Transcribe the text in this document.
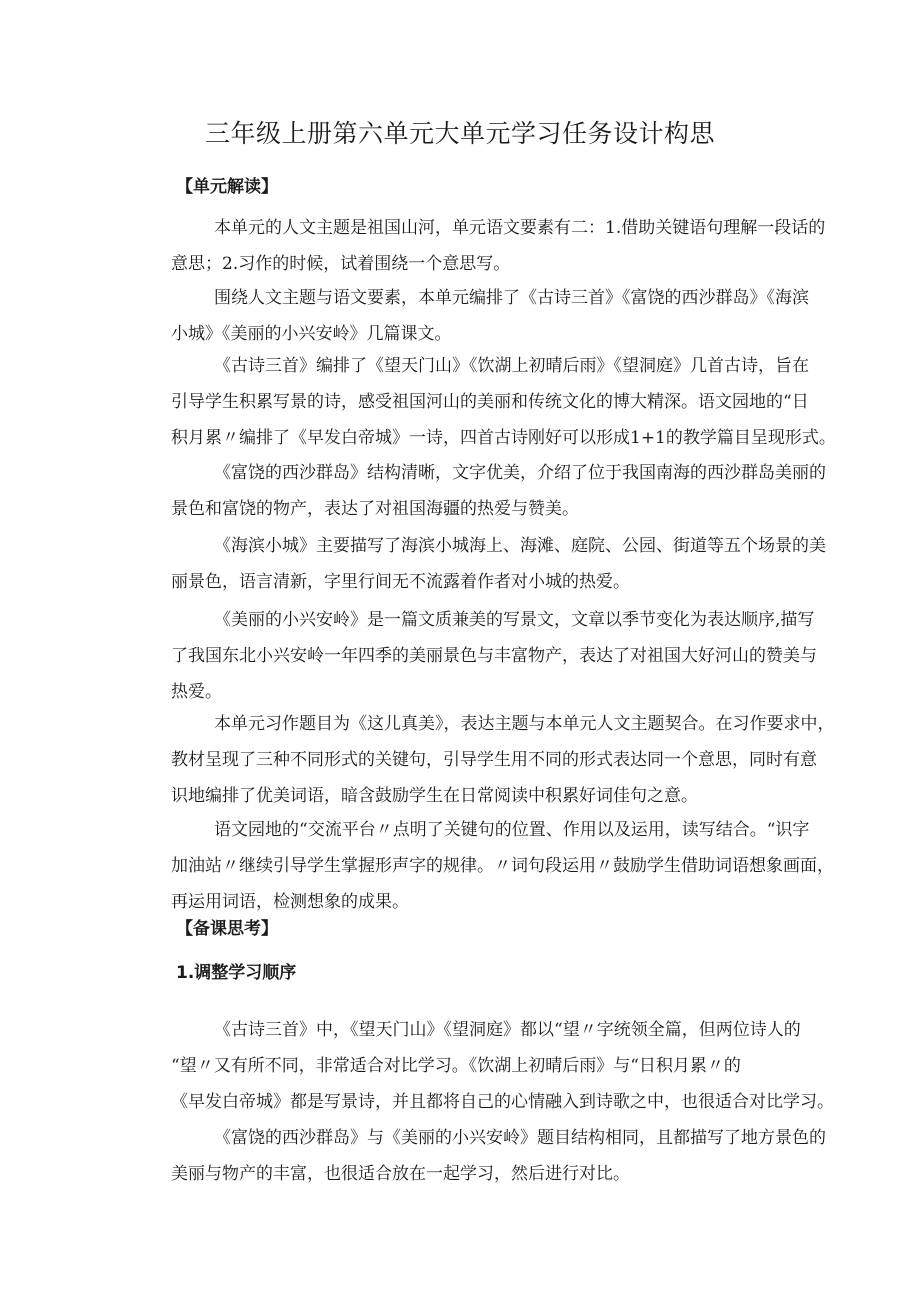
三年级上册第六单元大单元学习任务设计构思
【单元解读】
本单元的人文主题是祖国山河，单元语文要素有二：1.借助关键语句理解一段话的
意思；2.习作的时候，试着围绕一个意思写。
围绕人文主题与语文要素，本单元编排了《古诗三首》《富饶的西沙群岛》《海滨
小城》《美丽的小兴安岭》几篇课文。
《古诗三首》编排了《望天门山》《饮湖上初晴后雨》《望洞庭》几首古诗，旨在
引导学生积累写景的诗，感受祖国河山的美丽和传统文化的博大精深。语文园地的“日
积月累〃编排了《早发白帝城》一诗，四首古诗刚好可以形成1+1的教学篇目呈现形式。
《富饶的西沙群岛》结构清晰，文字优美，介绍了位于我国南海的西沙群岛美丽的
景色和富饶的物产，表达了对祖国海疆的热爱与赞美。
《海滨小城》主要描写了海滨小城海上、海滩、庭院、公园、街道等五个场景的美
丽景色，语言清新，字里行间无不流露着作者对小城的热爱。
《美丽的小兴安岭》是一篇文质兼美的写景文，文章以季节变化为表达顺序,描写
了我国东北小兴安岭一年四季的美丽景色与丰富物产，表达了对祖国大好河山的赞美与
热爱。
本单元习作题目为《这儿真美》，表达主题与本单元人文主题契合。在习作要求中，
教材呈现了三种不同形式的关键句，引导学生用不同的形式表达同一个意思，同时有意
识地编排了优美词语，暗含鼓励学生在日常阅读中积累好词佳句之意。
语文园地的“交流平台〃点明了关键句的位置、作用以及运用，读写结合。“识字
加油站〃继续引导学生掌握形声字的规律。〃词句段运用〃鼓励学生借助词语想象画面，
再运用词语，检测想象的成果。
【备课思考】
1.调整学习顺序
《古诗三首》中，《望天门山》《望洞庭》都以“望〃字统领全篇，但两位诗人的
“望〃又有所不同，非常适合对比学习。《饮湖上初晴后雨》与“日积月累〃的
《早发白帝城》都是写景诗，并且都将自己的心情融入到诗歌之中，也很适合对比学习。
《富饶的西沙群岛》与《美丽的小兴安岭》题目结构相同，且都描写了地方景色的
美丽与物产的丰富，也很适合放在一起学习，然后进行对比。
